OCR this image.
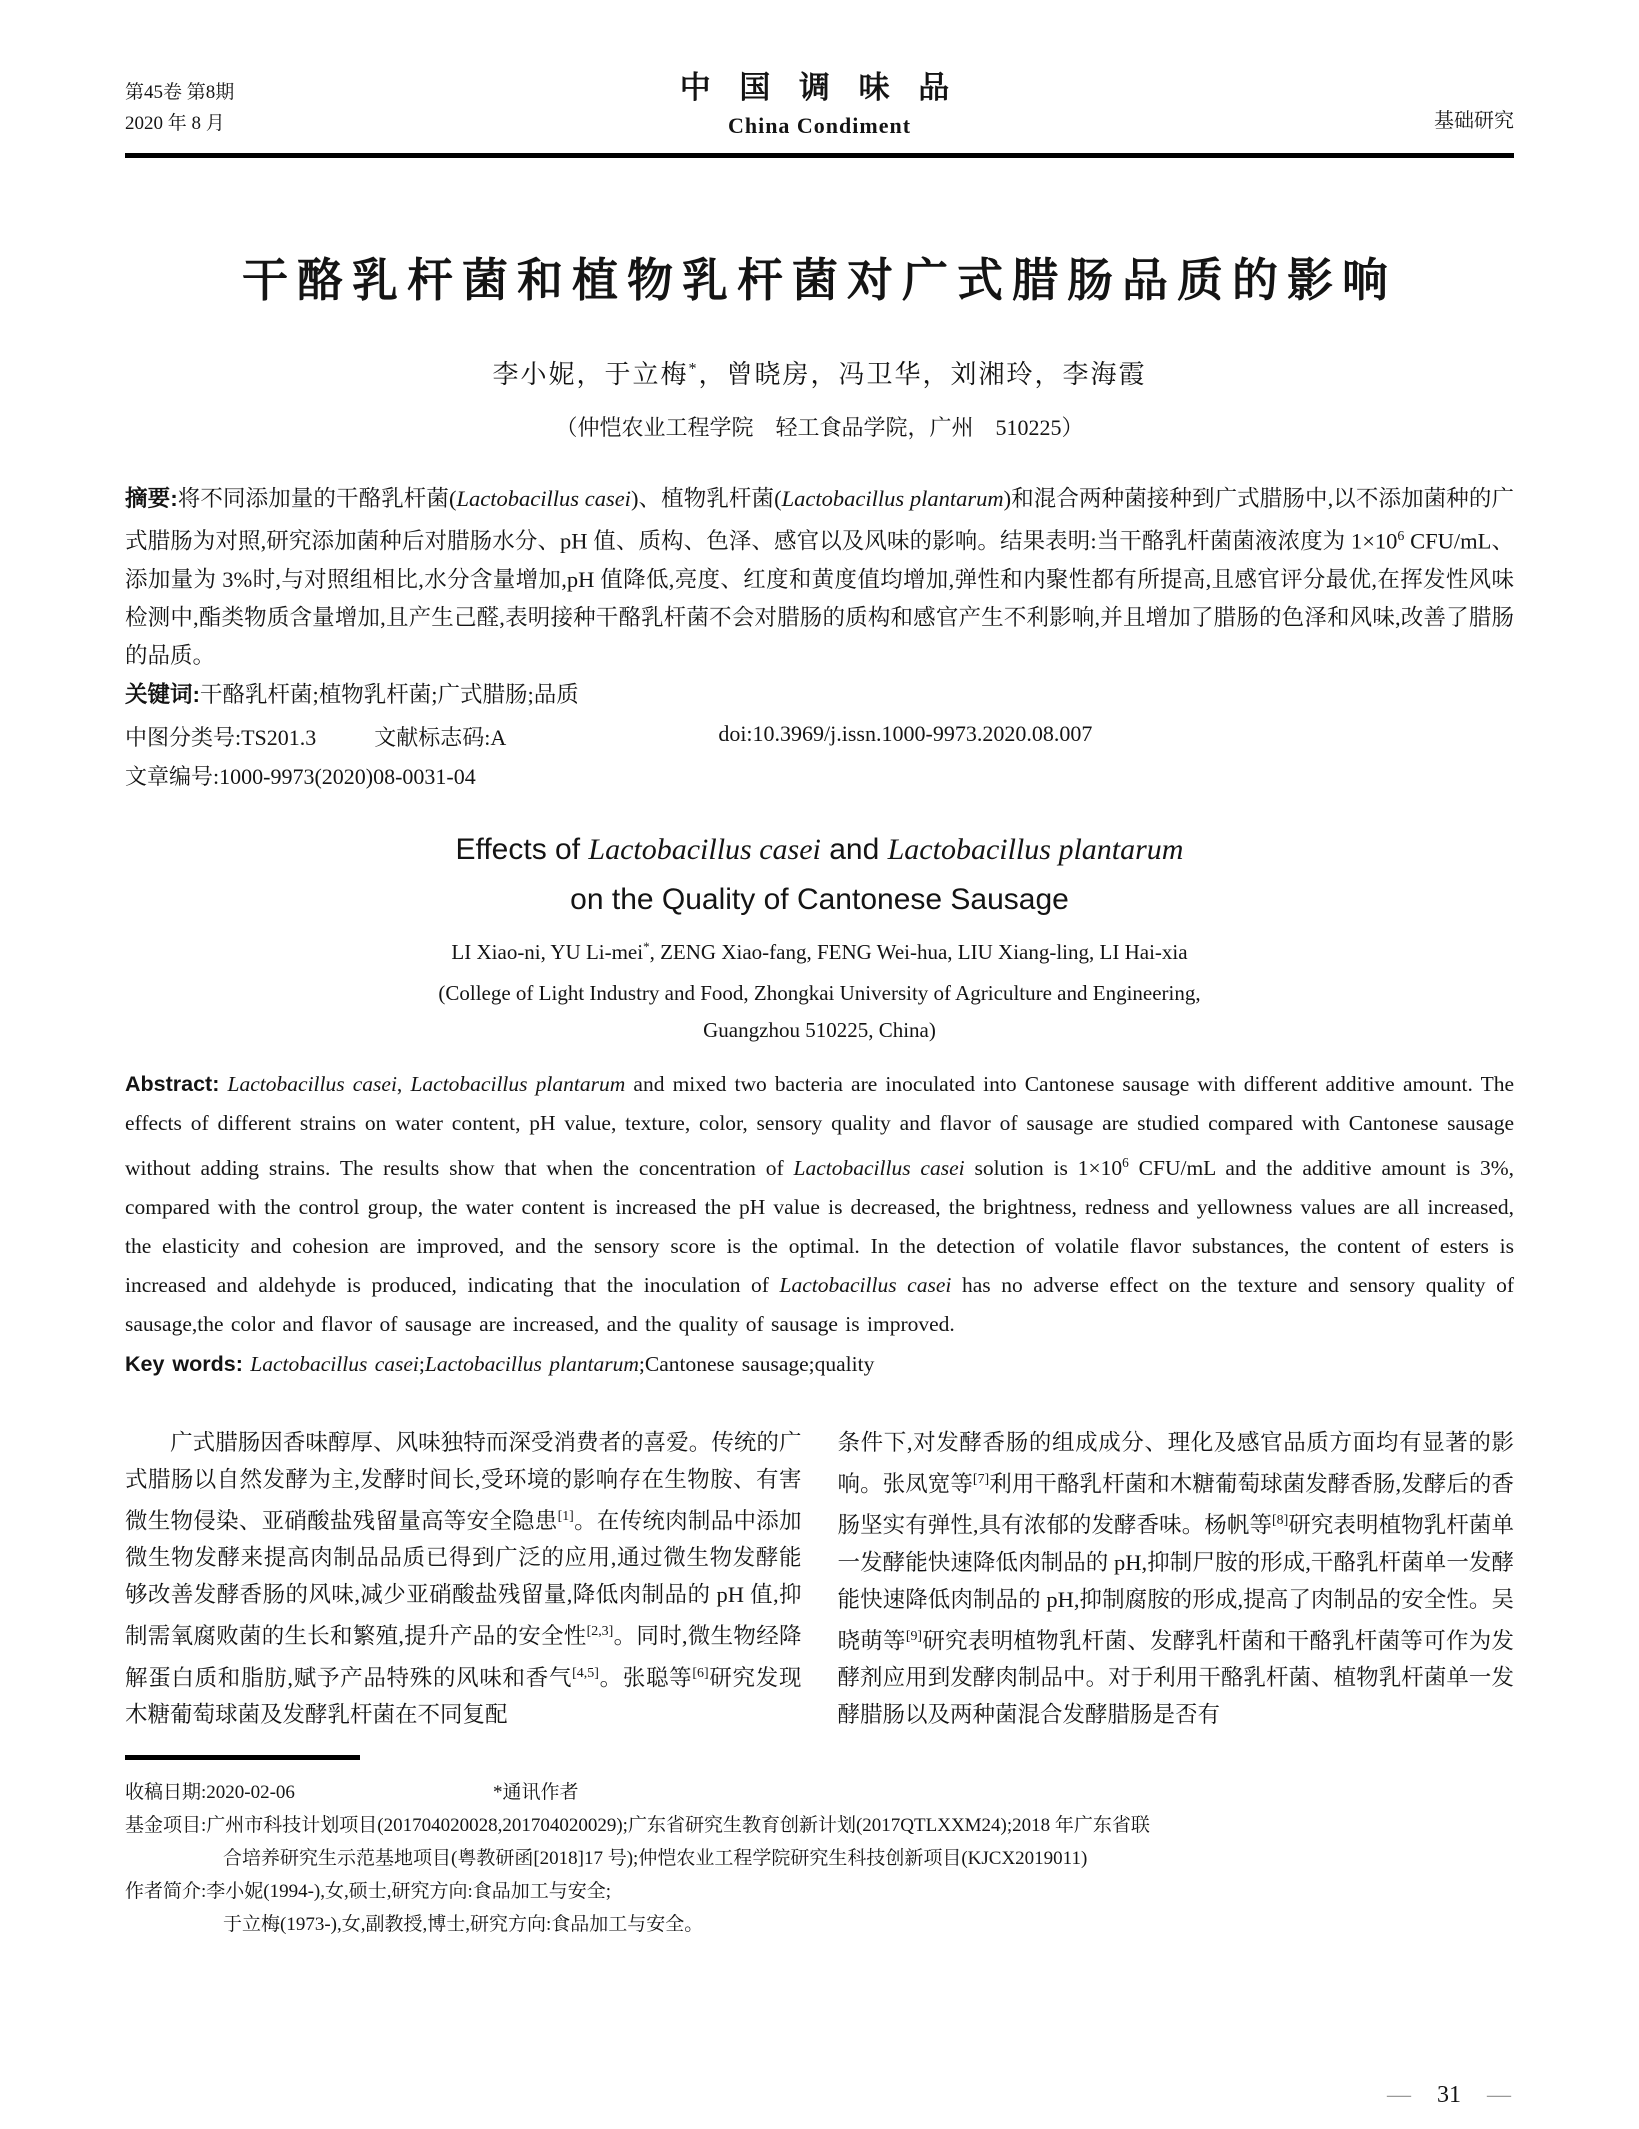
第45卷 第8期
2020 年 8 月
中 国 调 味 品
China Condiment	基础研究
干酪乳杆菌和植物乳杆菌对广式腊肠品质的影响
李小妮，于立梅*，曾晓房，冯卫华，刘湘玲，李海霞
（仲恺农业工程学院　轻工食品学院，广州　510225）
摘要:将不同添加量的干酪乳杆菌(Lactobacillus casei)、植物乳杆菌(Lactobacillus plantarum)和混合两种菌接种到广式腊肠中,以不添加菌种的广式腊肠为对照,研究添加菌种后对腊肠水分、pH 值、质构、色泽、感官以及风味的影响。结果表明:当干酪乳杆菌菌液浓度为 $1\times 10^6$ CFU/mL、添加量为 3%时,与对照组相比,水分含量增加,pH 值降低,亮度、红度和黄度值均增加,弹性和内聚性都有所提高,且感官评分最优,在挥发性风味检测中,酯类物质含量增加,且产生己醛,表明接种干酪乳杆菌不会对腊肠的质构和感官产生不利影响,并且增加了腊肠的色泽和风味,改善了腊肠的品质。
关键词:干酪乳杆菌;植物乳杆菌;广式腊肠;品质
中图分类号:TS201.3	文献标志码:A	doi:10.3969/j.issn.1000-9973.2020.08.007
文章编号:1000-9973(2020)08-0031-04
Effects of Lactobacillus casei and Lactobacillus plantarum
on the Quality of Cantonese Sausage
LI Xiao-ni, YU Li-mei*, ZENG Xiao-fang, FENG Wei-hua, LIU Xiang-ling, LI Hai-xia
(College of Light Industry and Food, Zhongkai University of Agriculture and Engineering,
Guangzhou 510225, China)
Abstract: Lactobacillus casei, Lactobacillus plantarum and mixed two bacteria are inoculated into Cantonese sausage with different additive amount. The effects of different strains on water content, pH value, texture, color, sensory quality and flavor of sausage are studied compared with Cantonese sausage without adding strains. The results show that when the concentration of Lactobacillus casei solution is $1\times 10^6$ CFU/mL and the additive amount is 3%, compared with the control group, the water content is increased the pH value is decreased, the brightness, redness and yellowness values are all increased, the elasticity and cohesion are improved, and the sensory score is the optimal. In the detection of volatile flavor substances, the content of esters is increased and aldehyde is produced, indicating that the inoculation of Lactobacillus casei has no adverse effect on the texture and sensory quality of sausage,the color and flavor of sausage are increased, and the quality of sausage is improved.
Key words: Lactobacillus casei;Lactobacillus plantarum;Cantonese sausage;quality
　　广式腊肠因香味醇厚、风味独特而深受消费者的喜爱。传统的广式腊肠以自然发酵为主,发酵时间长,受环境的影响存在生物胺、有害微生物侵染、亚硝酸盐残留量高等安全隐患[1]。在传统肉制品中添加微生物发酵来提高肉制品品质已得到广泛的应用,通过微生物发酵能够改善发酵香肠的风味,减少亚硝酸盐残留量,降低肉制品的 pH 值,抑制需氧腐败菌的生长和繁殖,提升产品的安全性[2,3]。同时,微生物经降解蛋白质和脂肪,赋予产品特殊的风味和香气[4,5]。张聪等[6]研究发现木糖葡萄球菌及发酵乳杆菌在不同复配
条件下,对发酵香肠的组成成分、理化及感官品质方面均有显著的影响。张凤宽等[7]利用干酪乳杆菌和木糖葡萄球菌发酵香肠,发酵后的香肠坚实有弹性,具有浓郁的发酵香味。杨帆等[8]研究表明植物乳杆菌单一发酵能快速降低肉制品的 pH,抑制尸胺的形成,干酪乳杆菌单一发酵能快速降低肉制品的 pH,抑制腐胺的形成,提高了肉制品的安全性。吴晓萌等[9]研究表明植物乳杆菌、发酵乳杆菌和干酪乳杆菌等可作为发酵剂应用到发酵肉制品中。对于利用干酪乳杆菌、植物乳杆菌单一发酵腊肠以及两种菌混合发酵腊肠是否有
收稿日期:2020-02-06	*通讯作者
基金项目:广州市科技计划项目(201704020028,201704020029);广东省研究生教育创新计划(2017QTLXXM24);2018 年广东省联
合培养研究生示范基地项目(粤教研函[2018]17 号);仲恺农业工程学院研究生科技创新项目(KJCX2019011)
作者简介:李小妮(1994-),女,硕士,研究方向:食品加工与安全;
于立梅(1973-),女,副教授,博士,研究方向:食品加工与安全。
— 31 —
